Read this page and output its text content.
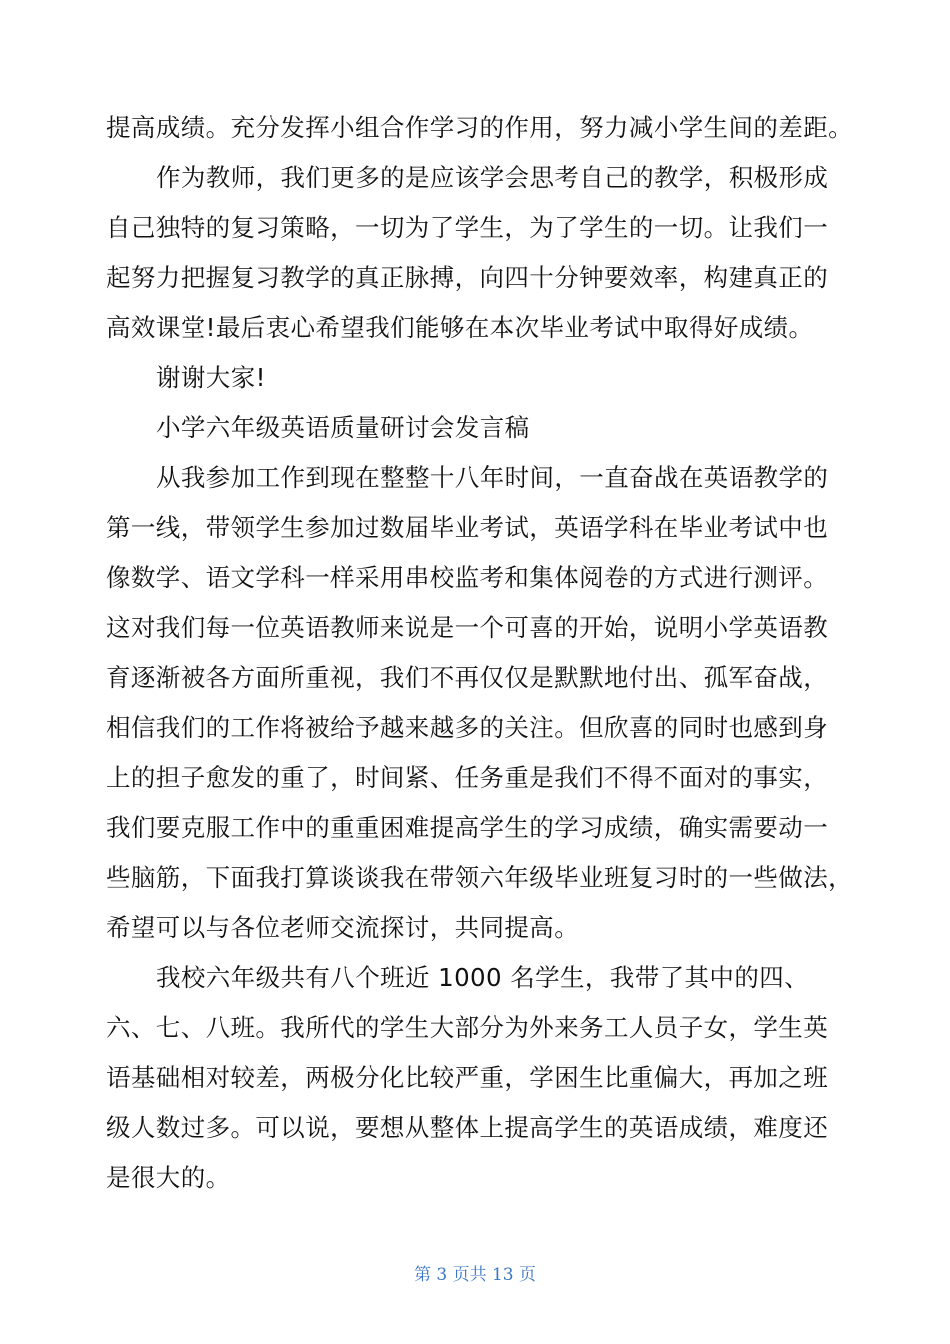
提高成绩。充分发挥小组合作学习的作用，努力减小学生间的差距。
作为教师，我们更多的是应该学会思考自己的教学，积极形成
自己独特的复习策略，一切为了学生，为了学生的一切。让我们一
起努力把握复习教学的真正脉搏，向四十分钟要效率，构建真正的
高效课堂!最后衷心希望我们能够在本次毕业考试中取得好成绩。
谢谢大家!
小学六年级英语质量研讨会发言稿
从我参加工作到现在整整十八年时间，一直奋战在英语教学的
第一线，带领学生参加过数届毕业考试，英语学科在毕业考试中也
像数学、语文学科一样采用串校监考和集体阅卷的方式进行测评。
这对我们每一位英语教师来说是一个可喜的开始，说明小学英语教
育逐渐被各方面所重视，我们不再仅仅是默默地付出、孤军奋战，
相信我们的工作将被给予越来越多的关注。但欣喜的同时也感到身
上的担子愈发的重了，时间紧、任务重是我们不得不面对的事实，
我们要克服工作中的重重困难提高学生的学习成绩，确实需要动一
些脑筋，下面我打算谈谈我在带领六年级毕业班复习时的一些做法，
希望可以与各位老师交流探讨，共同提高。
我校六年级共有八个班近 1000 名学生，我带了其中的四、
六、七、八班。我所代的学生大部分为外来务工人员子女，学生英
语基础相对较差，两极分化比较严重，学困生比重偏大，再加之班
级人数过多。可以说，要想从整体上提高学生的英语成绩，难度还
是很大的。
第 3 页共 13 页
